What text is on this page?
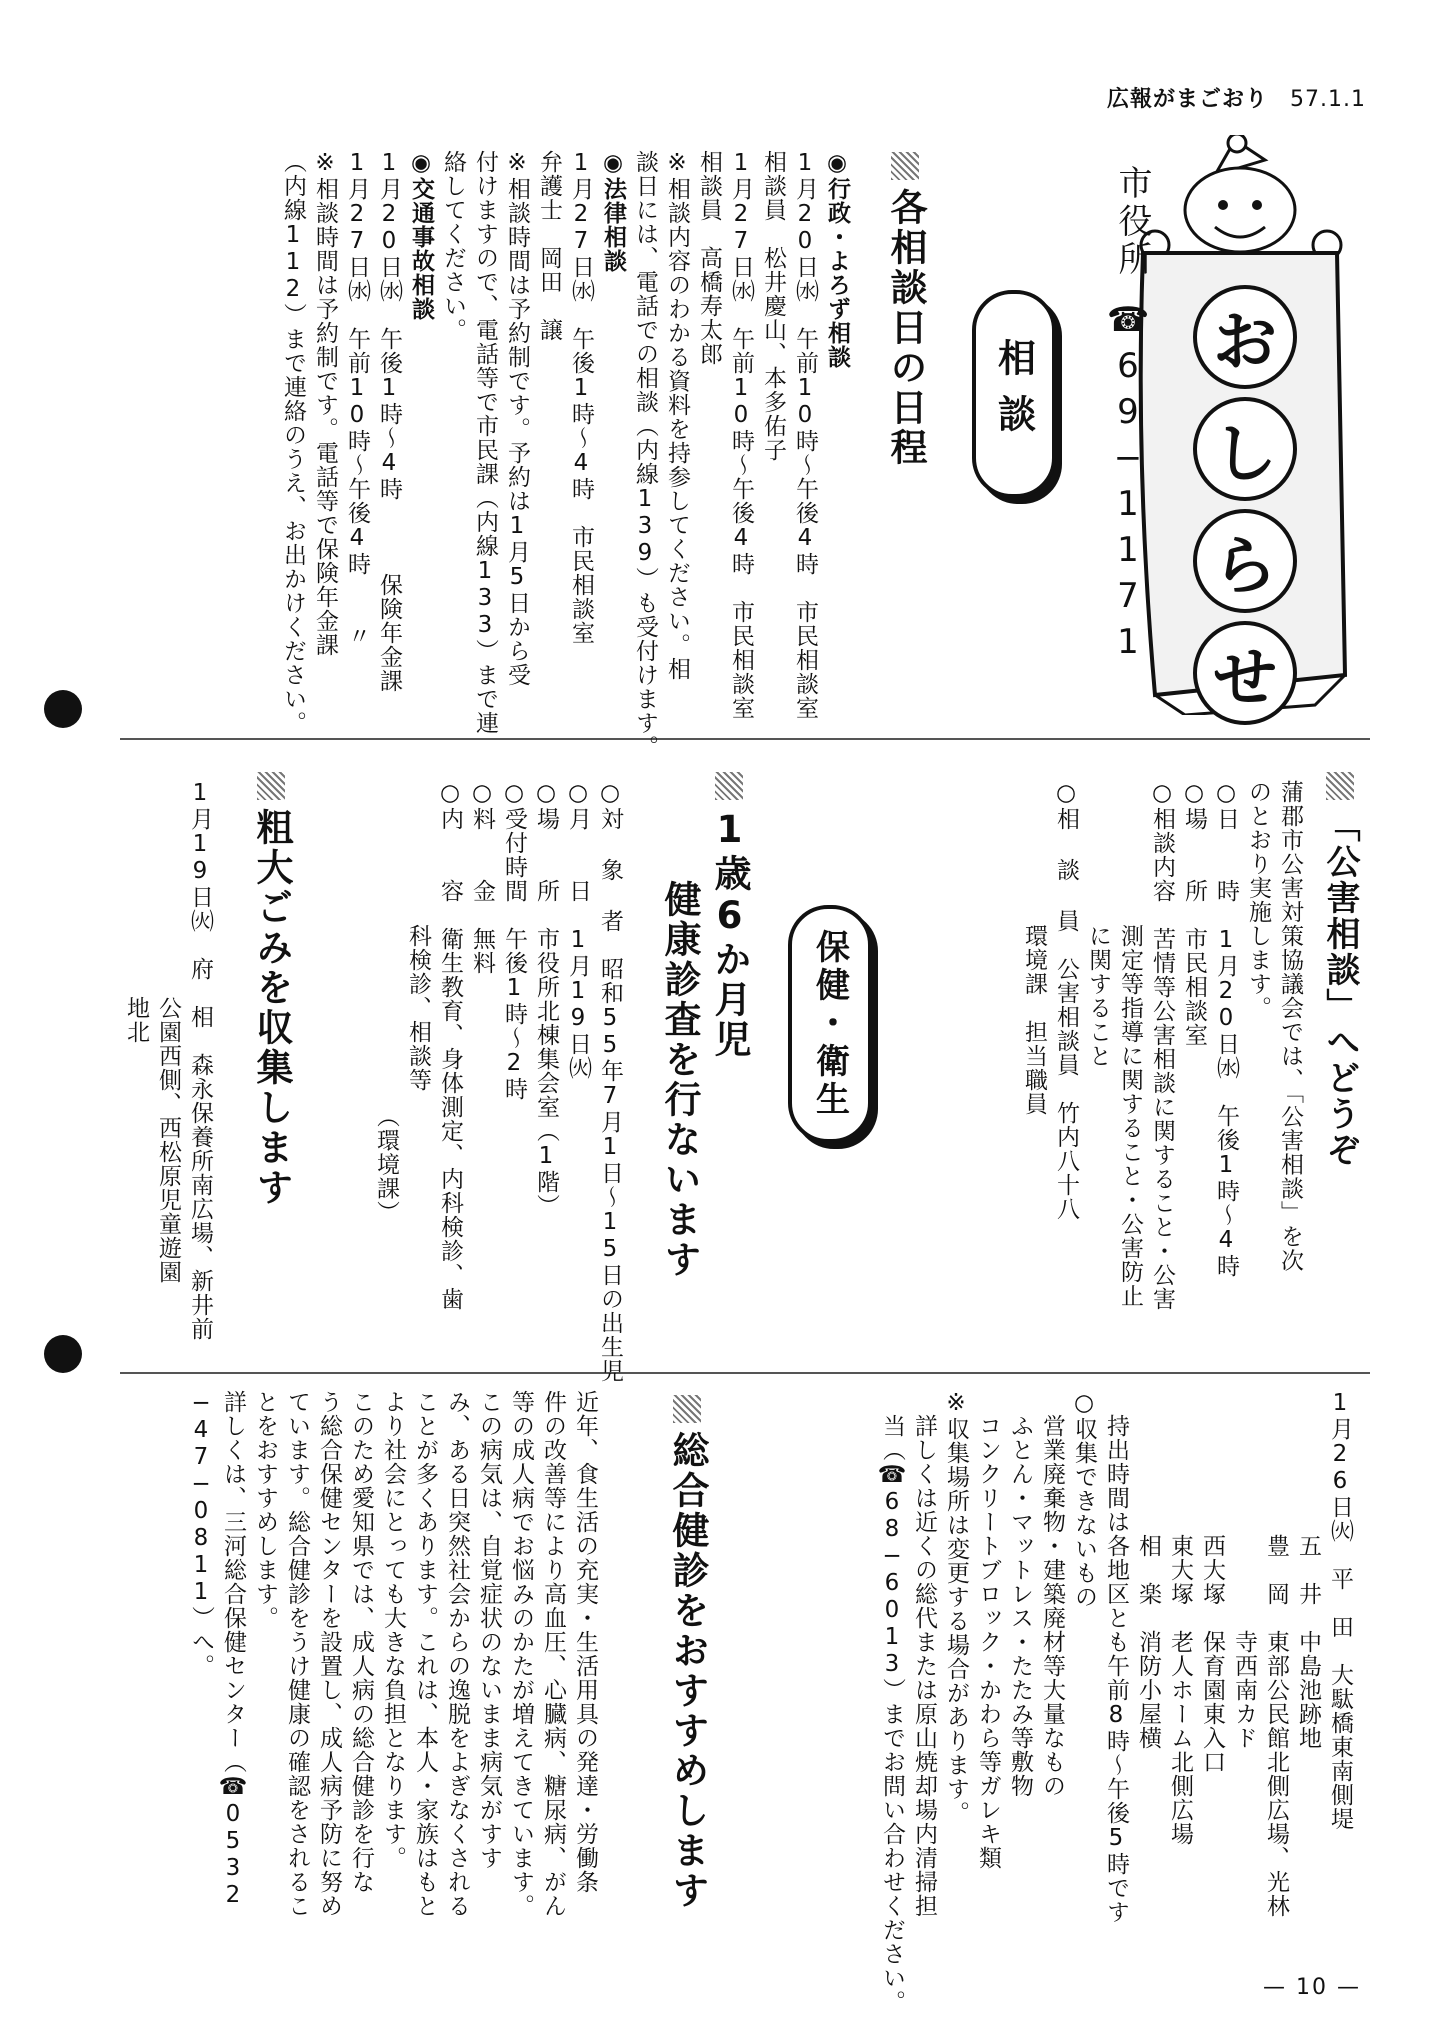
広報がまごおり 57.1.1
お
し
ら
せ
市役所
☎69−1171
相談
各相談日の日程
◉行政・よろず相談
1月20日㈬　午前10時〜午後4時　市民相談室
相談員　松井慶山、本多佑子
1月27日㈬　午前10時〜午後4時　市民相談室
相談員　高橋寿太郎
※相談内容のわかる資料を持参してください。相
談日には、電話での相談（内線139）も受付けます。
◉法律相談
1月27日㈬　午後1時〜4時　市民相談室
弁護士　岡田　譲
※相談時間は予約制です。予約は1月5日から受
付けますので、電話等で市民課（内線133）まで連
絡してください。
◉交通事故相談
1月20日㈬　午後1時〜4時　　　保険年金課
1月27日㈬　午前10時〜午後4時　　〃
※相談時間は予約制です。電話等で保険年金課
（内線112）まで連絡のうえ、お出かけください。
「公害相談」へどうぞ
蒲郡市公害対策協議会では、「公害相談」を次
のとおり実施します。
○日　　時　1月20日㈬　午後1時〜4時
○場　　所　市民相談室
○相談内容　苦情等公害相談に関すること・公害
　　　　　　測定等指導に関すること・公害防止
　　　　　　に関すること
○相 談 員　公害相談員　竹内八十八
　　　　　　環境課　担当職員
保健・衛生
1歳6か月児
健康診査を行ないます
○対 象 者　昭和55年7月1日〜15日の出生児
○月　　日　1月19日㈫
○場　　所　市役所北棟集会室（1階）
○受付時間　午後1時〜2時
○料　　金　無料
○内　　容　衛生教育、身体測定、内科検診、歯
　　　　　　科検診、相談等
　　　　　　　　　　　　　　（環境課）
粗大ごみを収集します
1月19日㈫　府　相　森永保養所南広場、新井前
　　　　　　　　　公園西側、西松原児童遊園
　　　　　　　　　地北
1月26日㈫　平　田　大駄橋東南側堤
　　　　　　五　井　中島池跡地
　　　　　　豊　岡　東部公民館北側広場、光林
　　　　　　　　　　寺西南カド
　　　　　　西大塚　保育園東入口
　　　　　　東大塚　老人ホーム北側広場
　　　　　　相　楽　消防小屋横
　持出時間は各地区とも午前8時〜午後5時です
○収集できないもの
　営業廃棄物・建築廃材等大量なもの
　ふとん・マットレス・たたみ等敷物
　コンクリートブロック・かわら等ガレキ類
※収集場所は変更する場合があります。
　詳しくは近くの総代または原山焼却場内清掃担
　当（☎68−6013）までお問い合わせください。
総合健診をおすすめします
近年、食生活の充実・生活用具の発達・労働条
件の改善等により高血圧、心臓病、糖尿病、がん
等の成人病でお悩みのかたが増えてきています。
この病気は、自覚症状のないまま病気がすす
み、ある日突然社会からの逸脱をよぎなくされる
ことが多くあります。これは、本人・家族はもと
より社会にとっても大きな負担となります。
このため愛知県では、成人病の総合健診を行な
う総合保健センターを設置し、成人病予防に努め
ています。総合健診をうけ健康の確認をされるこ
とをおすすめします。
詳しくは、三河総合保健センター（☎0532
−47−0811）へ。
— 10 —
